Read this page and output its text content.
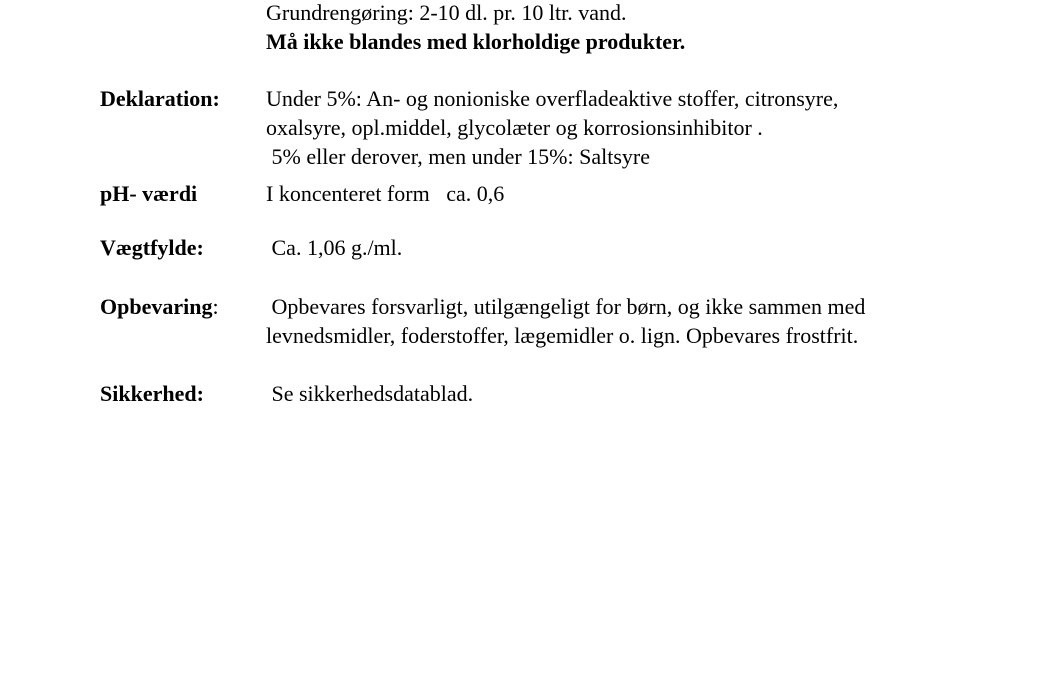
Grundrengøring: 2-10 dl. pr. 10 ltr. vand.
Må ikke blandes med klorholdige produkter.
Deklaration: Under 5%: An- og nonioniske overfladeaktive stoffer, citronsyre,
oxalsyre, opl.middel, glycolæter og korrosionsinhibitor .
5% eller derover, men under 15%: Saltsyre
pH- værdi	I koncenteret form   ca. 0,6
Vægtfylde:	Ca. 1,06 g./ml.
Opbevaring: Opbevares forsvarligt, utilgængeligt for børn, og ikke sammen med
levnedsmidler, foderstoffer, lægemidler o. lign. Opbevares frostfrit.
Sikkerhed:	Se sikkerhedsdatablad.
